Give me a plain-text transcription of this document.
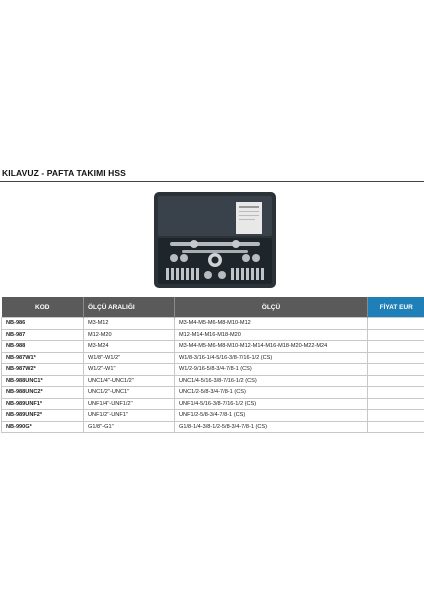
KILAVUZ - PAFTA TAKIMI HSS
KOD	ÖLÇÜ ARALIĞI	ÖLÇÜ	FİYAT EUR
NB-986	M3-M12	M3-M4-M5-M6-M8-M10-M12	
NB-987	M12-M20	M12-M14-M16-M18-M20	
NB-988	M3-M24	M3-M4-M5-M6-M8-M10-M12-M14-M16-M18-M20-M22-M24	
NB-987W1*	W1/8''-W1/2''	W1/8-3/16-1/4-5/16-3/8-7/16-1/2 (CS)	
NB-987W2*	W1/2''-W1''	W1/2-9/16-5/8-3/4-7/8-1 (CS)	
NB-988UNC1*	UNC1/4''-UNC1/2''	UNC1/4-5/16-3/8-7/16-1/2 (CS)	
NB-988UNC2*	UNC1/2''-UNC1''	UNC1/2-5/8-3/4-7/8-1 (CS)	
NB-989UNF1*	UNF1/4''-UNF1/2''	UNF1/4-5/16-3/8-7/16-1/2 (CS)	
NB-989UNF2*	UNF1/2''-UNF1''	UNF1/2-5/8-3/4-7/8-1 (CS)	
NB-990G*	G1/8''-G1''	G1/8-1/4-3/8-1/2-5/8-3/4-7/8-1 (CS)	
